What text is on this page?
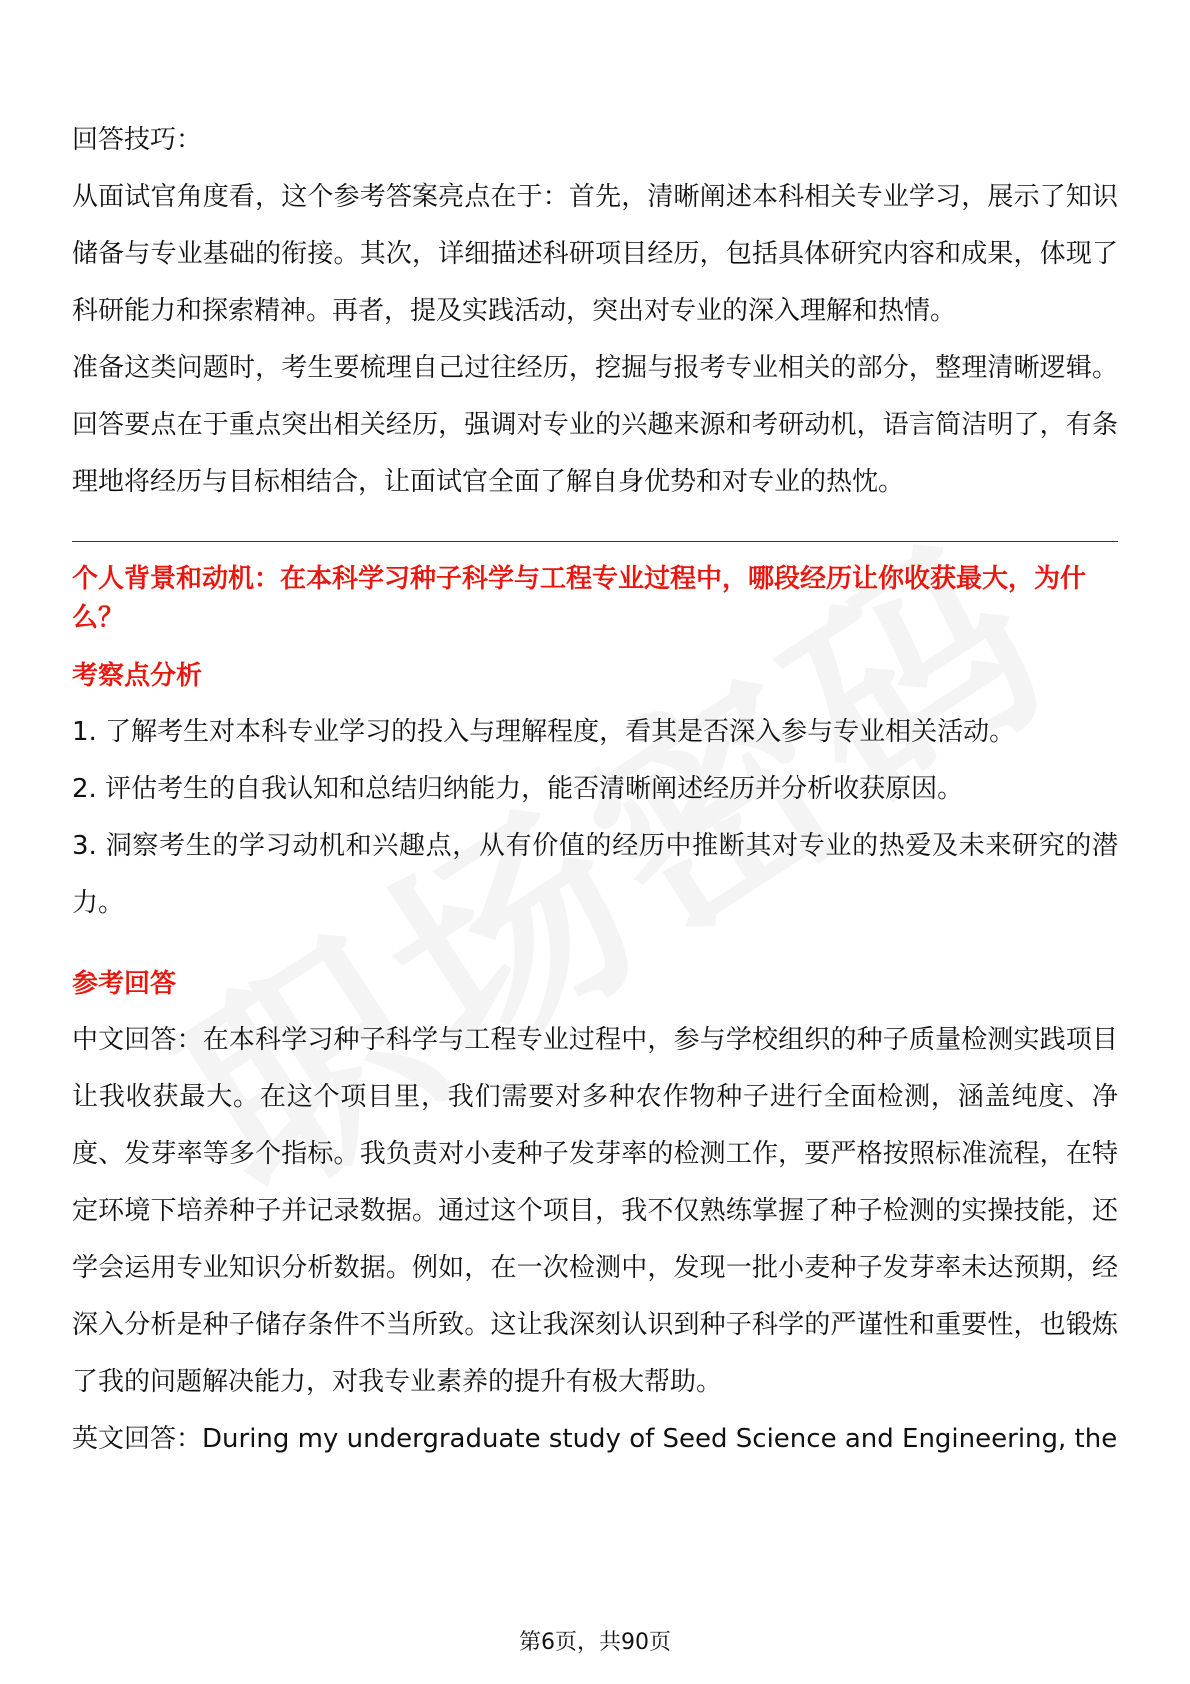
回答技巧：

从面试官角度看，这个参考答案亮点在于：首先，清晰阐述本科相关专业学习，展示了知识储备与专业基础的衔接。其次，详细描述科研项目经历，包括具体研究内容和成果，体现了科研能力和探索精神。再者，提及实践活动，突出对专业的深入理解和热情。

准备这类问题时，考生要梳理自己过往经历，挖掘与报考专业相关的部分，整理清晰逻辑。回答要点在于重点突出相关经历，强调对专业的兴趣来源和考研动机，语言简洁明了，有条理地将经历与目标相结合，让面试官全面了解自身优势和对专业的热忱。

个人背景和动机：在本科学习种子科学与工程专业过程中，哪段经历让你收获最大，为什么？

考察点分析

1. 了解考生对本科专业学习的投入与理解程度，看其是否深入参与专业相关活动。
2. 评估考生的自我认知和总结归纳能力，能否清晰阐述经历并分析收获原因。
3. 洞察考生的学习动机和兴趣点，从有价值的经历中推断其对专业的热爱及未来研究的潜力。

参考回答

中文回答：在本科学习种子科学与工程专业过程中，参与学校组织的种子质量检测实践项目让我收获最大。在这个项目里，我们需要对多种农作物种子进行全面检测，涵盖纯度、净度、发芽率等多个指标。我负责对小麦种子发芽率的检测工作，要严格按照标准流程，在特定环境下培养种子并记录数据。通过这个项目，我不仅熟练掌握了种子检测的实操技能，还学会运用专业知识分析数据。例如，在一次检测中，发现一批小麦种子发芽率未达预期，经深入分析是种子储存条件不当所致。这让我深刻认识到种子科学的严谨性和重要性，也锻炼了我的问题解决能力，对我专业素养的提升有极大帮助。

英文回答：During my undergraduate study of Seed Science and Engineering, the

第6页，共90页
